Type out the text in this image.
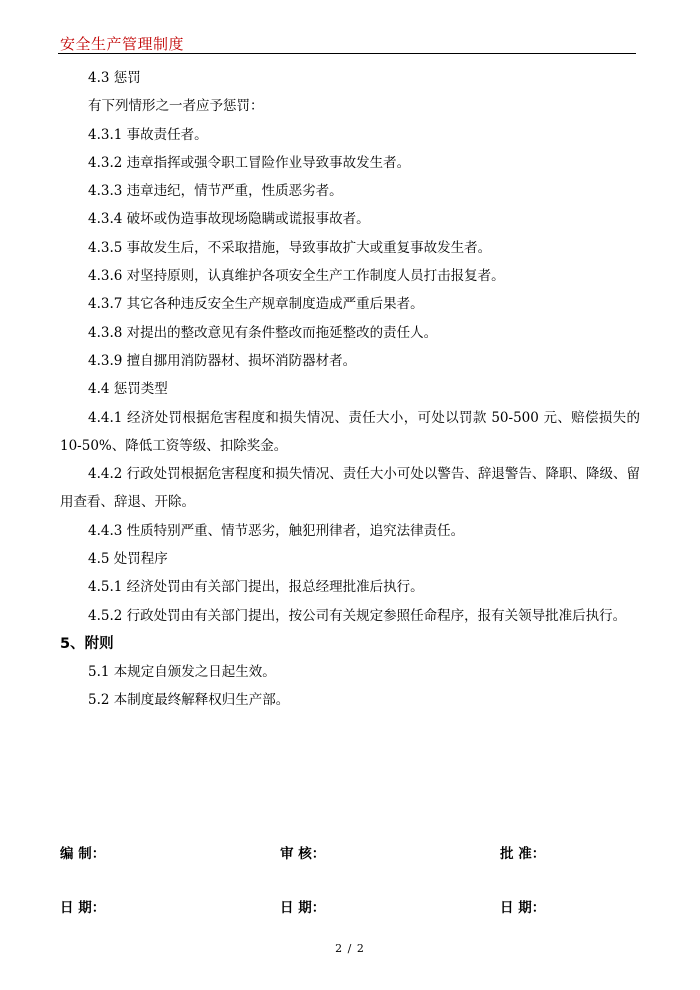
安全生产管理制度

4.3 惩罚

有下列情形之一者应予惩罚：

4.3.1 事故责任者。

4.3.2 违章指挥或强令职工冒险作业导致事故发生者。

4.3.3 违章违纪，情节严重，性质恶劣者。

4.3.4 破坏或伪造事故现场隐瞒或谎报事故者。

4.3.5 事故发生后，不采取措施，导致事故扩大或重复事故发生者。

4.3.6 对坚持原则，认真维护各项安全生产工作制度人员打击报复者。

4.3.7 其它各种违反安全生产规章制度造成严重后果者。

4.3.8 对提出的整改意见有条件整改而拖延整改的责任人。

4.3.9 擅自挪用消防器材、损坏消防器材者。

4.4 惩罚类型

4.4.1 经济处罚根据危害程度和损失情况、责任大小，可处以罚款 50-500 元、赔偿损失的 10-50%、降低工资等级、扣除奖金。

4.4.2 行政处罚根据危害程度和损失情况、责任大小可处以警告、辞退警告、降职、降级、留用查看、辞退、开除。

4.4.3 性质特别严重、情节恶劣，触犯刑律者，追究法律责任。

4.5 处罚程序

4.5.1 经济处罚由有关部门提出，报总经理批准后执行。

4.5.2 行政处罚由有关部门提出，按公司有关规定参照任命程序，报有关领导批准后执行。

5、附则

5.1 本规定自颁发之日起生效。

5.2 本制度最终解释权归生产部。

编 制：	审 核：	批 准：
日 期：	日 期：	日 期：
2 / 2
